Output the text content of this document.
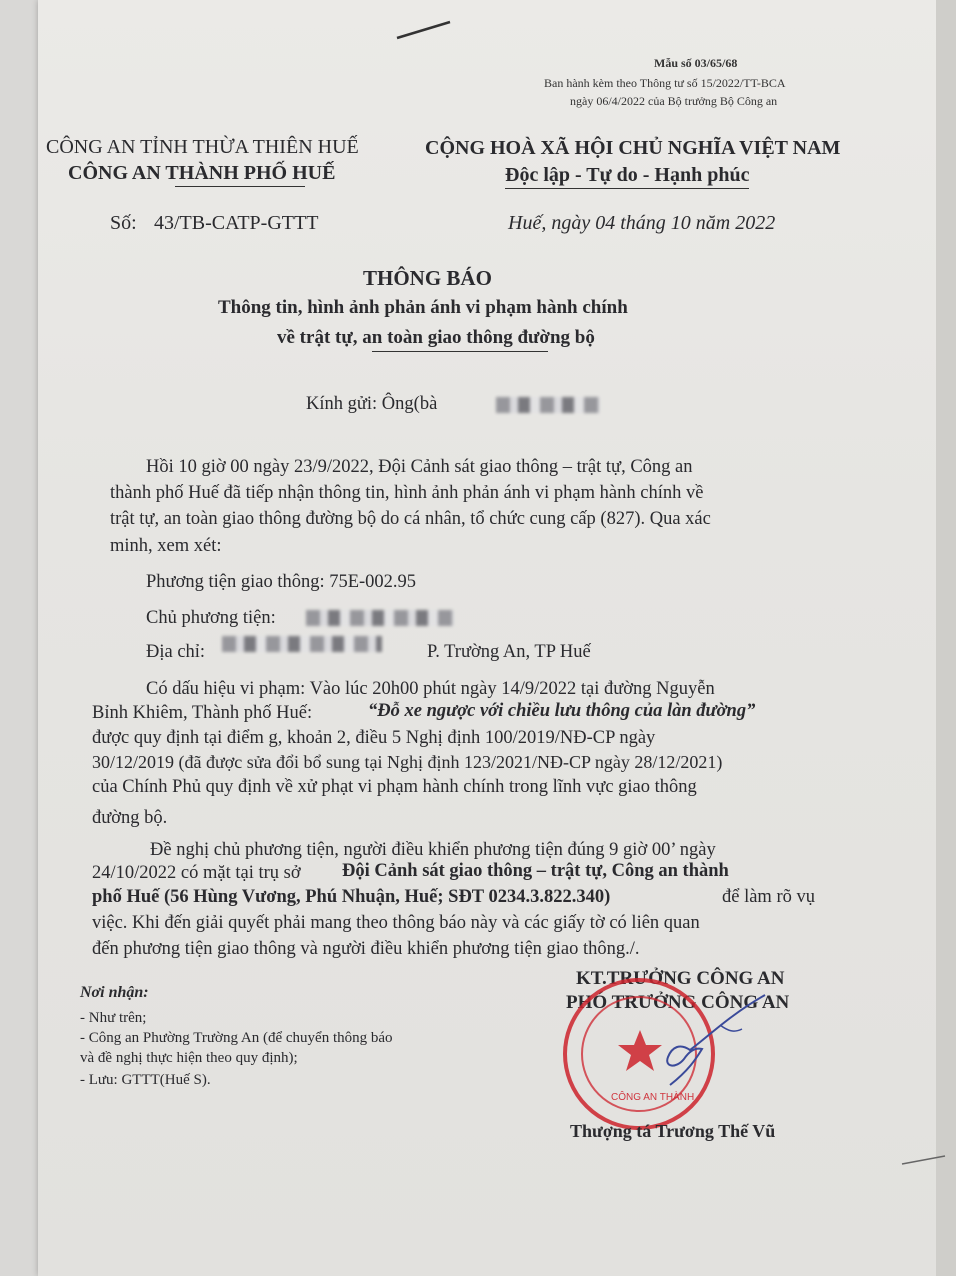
Mẫu số 03/65/68
Ban hành kèm theo Thông tư số 15/2022/TT-BCA
ngày 06/4/2022 của Bộ trưởng Bộ Công an
CÔNG AN TỈNH THỪA THIÊN HUẾ
CÔNG AN THÀNH PHỐ HUẾ
Số: 43/TB-CATP-GTTT
CỘNG HOÀ XÃ HỘI CHỦ NGHĨA VIỆT NAM
Độc lập - Tự do - Hạnh phúc
Huế, ngày 04 tháng 10 năm 2022
THÔNG BÁO
Thông tin, hình ảnh phản ánh vi phạm hành chính
về trật tự, an toàn giao thông đường bộ
Kính gửi: Ông(bà
Hồi 10 giờ 00 ngày 23/9/2022, Đội Cảnh sát giao thông – trật tự, Công an
thành phố Huế đã tiếp nhận thông tin, hình ảnh phản ánh vi phạm hành chính về
trật tự, an toàn giao thông đường bộ do cá nhân, tổ chức cung cấp (827). Qua xác
minh, xem xét:
Phương tiện giao thông: 75E-002.95
Chủ phương tiện:
Địa chỉ:	P. Trường An, TP Huế
Có dấu hiệu vi phạm: Vào lúc 20h00 phút ngày 14/9/2022 tại đường Nguyễn
Bỉnh Khiêm, Thành phố Huế:	“Đỗ xe ngược với chiều lưu thông của làn đường”
được quy định tại điểm g, khoản 2, điều 5 Nghị định 100/2019/NĐ-CP ngày
30/12/2019 (đã được sửa đổi bổ sung tại Nghị định 123/2021/NĐ-CP ngày 28/12/2021)
của Chính Phủ quy định về xử phạt vi phạm hành chính trong lĩnh vực giao thông
đường bộ.
Đề nghị chủ phương tiện, người điều khiển phương tiện đúng 9 giờ 00’ ngày
24/10/2022 có mặt tại trụ sở Đội Cảnh sát giao thông – trật tự, Công an thành
phố Huế (56 Hùng Vương, Phú Nhuận, Huế; SĐT 0234.3.822.340)	để làm rõ vụ
việc. Khi đến giải quyết phải mang theo thông báo này và các giấy tờ có liên quan
đến phương tiện giao thông và người điều khiển phương tiện giao thông./.
Nơi nhận:
- Như trên;
- Công an Phường Trường An (để chuyển thông báo
và đề nghị thực hiện theo quy định);
- Lưu: GTTT(Huế S).
KT.TRƯỞNG CÔNG AN
PHÓ TRƯỞNG CÔNG AN
CÔNG AN THÀNH
Thượng tá Trương Thế Vũ
